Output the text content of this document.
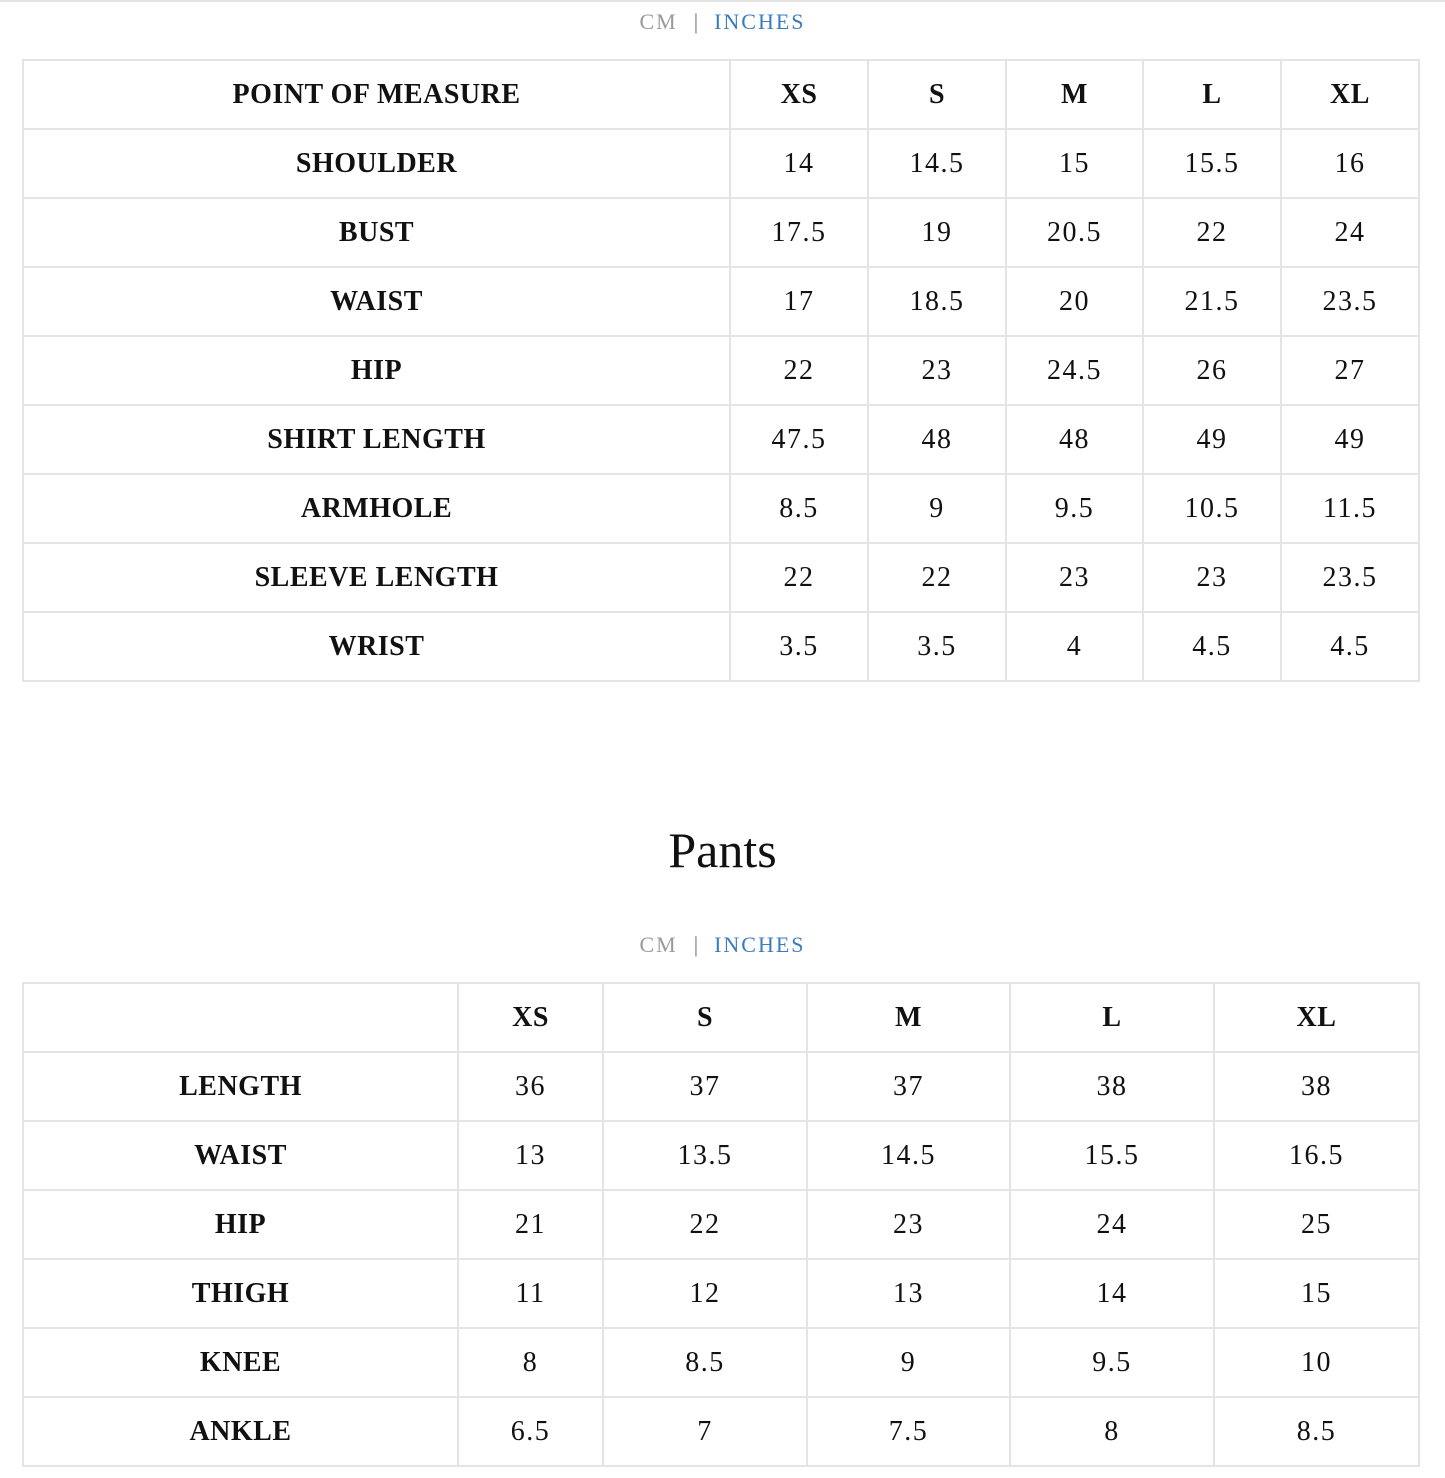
CM | INCHES
POINT OF MEASURE	XS	S	M	L	XL
SHOULDER	14	14.5	15	15.5	16
BUST	17.5	19	20.5	22	24
WAIST	17	18.5	20	21.5	23.5
HIP	22	23	24.5	26	27
SHIRT LENGTH	47.5	48	48	49	49
ARMHOLE	8.5	9	9.5	10.5	11.5
SLEEVE LENGTH	22	22	23	23	23.5
WRIST	3.5	3.5	4	4.5	4.5
Pants
CM | INCHES
	XS	S	M	L	XL
LENGTH	36	37	37	38	38
WAIST	13	13.5	14.5	15.5	16.5
HIP	21	22	23	24	25
THIGH	11	12	13	14	15
KNEE	8	8.5	9	9.5	10
ANKLE	6.5	7	7.5	8	8.5
